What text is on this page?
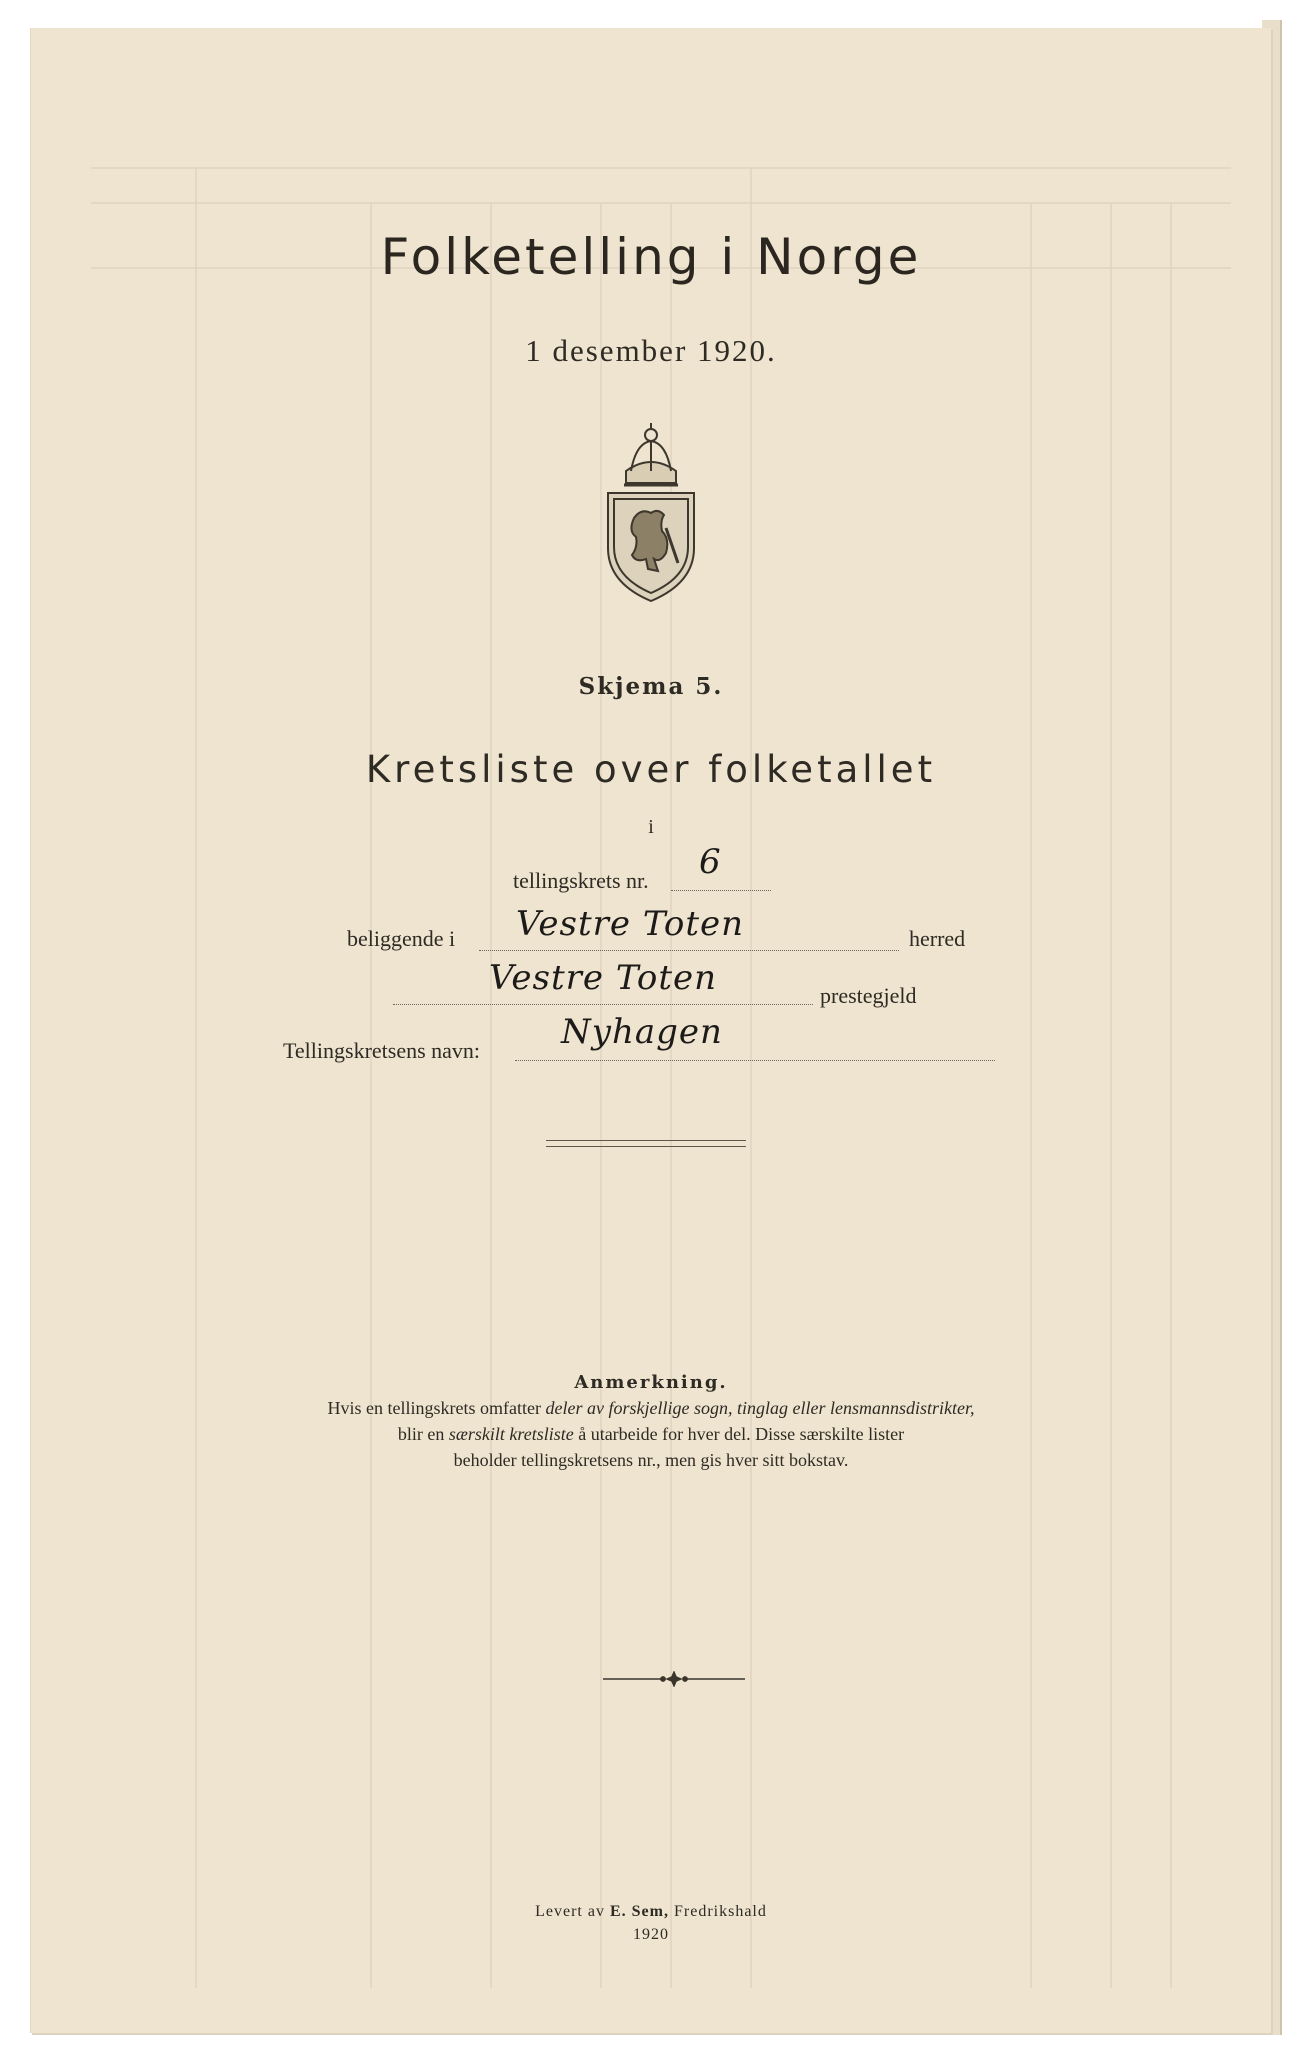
Folketelling i Norge
1 desember 1920.
Skjema 5.
Kretsliste over folketallet
i
tellingskrets nr. 6
beliggende i Vestre Toten	herred
Vestre Toten	prestegjeld
Tellingskretsens navn: Nyhagen
Anmerkning.
Hvis en tellingskrets omfatter deler av forskjellige sogn, tinglag eller lensmannsdistrikter,
blir en særskilt kretsliste å utarbeide for hver del. Disse særskilte lister
beholder tellingskretsens nr., men gis hver sitt bokstav.
Levert av E. Sem, Fredrikshald
1920
